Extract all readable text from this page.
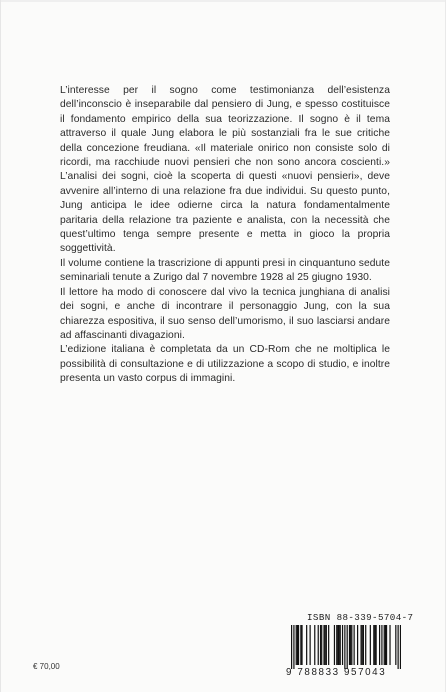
L’interesse per il sogno come testimonianza dell’esistenza dell’inconscio è inseparabile dal pensiero di Jung, e spesso costituisce il fondamento empirico della sua teorizzazione. Il sogno è il tema attraverso il quale Jung elabora le più sostanziali fra le sue critiche della concezione freudiana. «Il materiale onirico non consiste solo di ricordi, ma racchiude nuovi pensieri che non sono ancora coscienti.» L’analisi dei sogni, cioè la scoperta di questi «nuovi pensieri», deve avvenire all’interno di una relazione fra due individui. Su questo punto, Jung anticipa le idee odierne circa la natura fondamentalmente paritaria della relazione tra paziente e analista, con la necessità che quest’ultimo tenga sempre presente e metta in gioco la propria soggettività.

Il volume contiene la trascrizione di appunti presi in cinquantuno sedute seminariali tenute a Zurigo dal 7 novembre 1928 al 25 giugno 1930.

Il lettore ha modo di conoscere dal vivo la tecnica junghiana di analisi dei sogni, e anche di incontrare il personaggio Jung, con la sua chiarezza espositiva, il suo senso dell’umorismo, il suo lasciarsi andare ad affascinanti divagazioni.

L’edizione italiana è completata da un CD-Rom che ne moltiplica le possibilità di consultazione e di utilizzazione a scopo di studio, e inoltre presenta un vasto corpus di immagini.

ISBN 88-339-5704-7
9 788833 957043
€ 70,00
